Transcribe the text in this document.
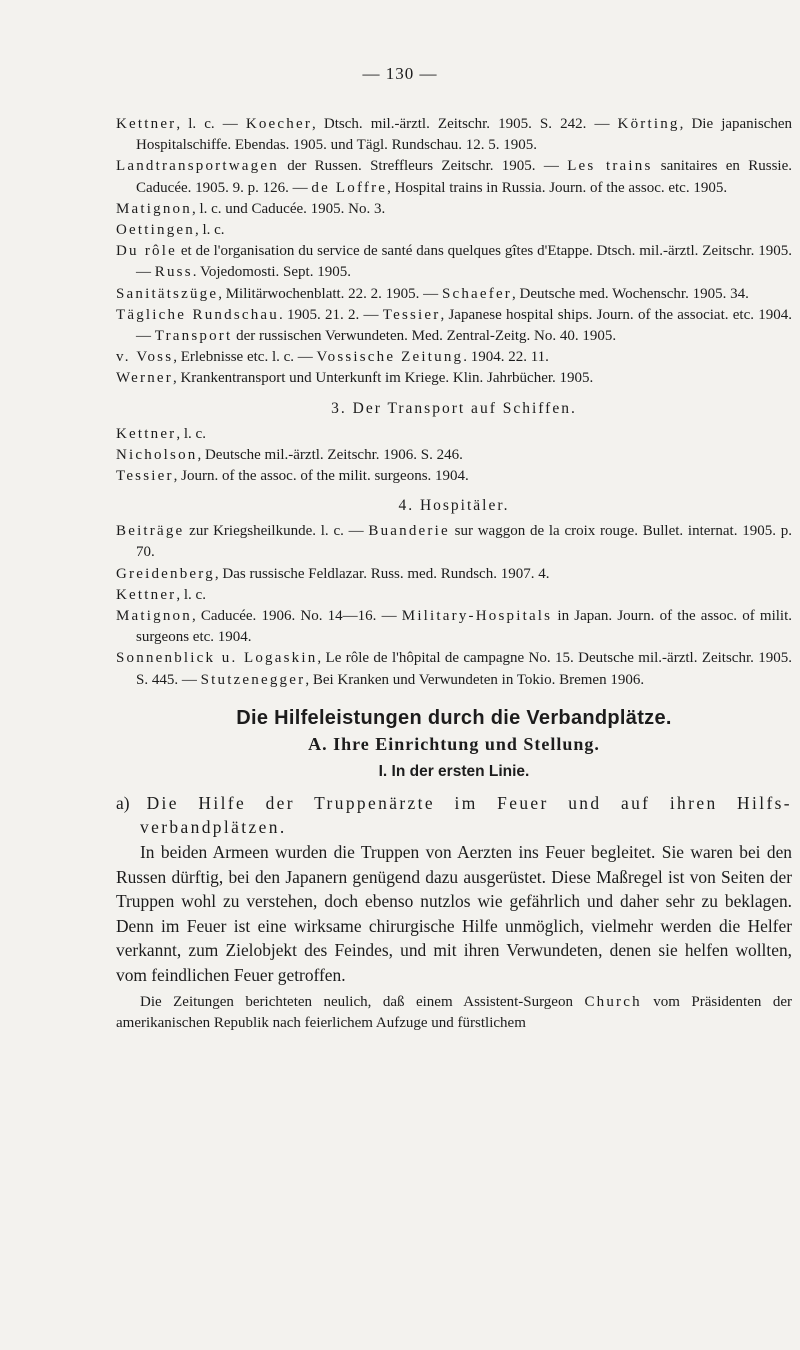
— 130 —

Kettner, l. c. — Koecher, Dtsch. mil.-ärztl. Zeitschr. 1905. S. 242. — Körting, Die japanischen Hospitalschiffe. Ebendas. 1905. und Tägl. Rundschau. 12. 5. 1905.

Landtransportwagen der Russen. Streffleurs Zeitschr. 1905. — Les trains sanitaires en Russie. Caducée. 1905. 9. p. 126. — de Loffre, Hospital trains in Russia. Journ. of the assoc. etc. 1905.

Matignon, l. c. und Caducée. 1905. No. 3.

Oettingen, l. c.

Du rôle et de l'organisation du service de santé dans quelques gîtes d'Etappe. Dtsch. mil.-ärztl. Zeitschr. 1905. — Russ. Vojedomosti. Sept. 1905.

Sanitätszüge, Militärwochenblatt. 22. 2. 1905. — Schaefer, Deutsche med. Wochenschr. 1905. 34.

Tägliche Rundschau. 1905. 21. 2. — Tessier, Japanese hospital ships. Journ. of the associat. etc. 1904. — Transport der russischen Verwundeten. Med. Zentral-Zeitg. No. 40. 1905.

v. Voss, Erlebnisse etc. l. c. — Vossische Zeitung. 1904. 22. 11.

Werner, Krankentransport und Unterkunft im Kriege. Klin. Jahrbücher. 1905.

3. Der Transport auf Schiffen.

Kettner, l. c.

Nicholson, Deutsche mil.-ärztl. Zeitschr. 1906. S. 246.

Tessier, Journ. of the assoc. of the milit. surgeons. 1904.

4. Hospitäler.

Beiträge zur Kriegsheilkunde. l. c. — Buanderie sur waggon de la croix rouge. Bullet. internat. 1905. p. 70.

Greidenberg, Das russische Feldlazar. Russ. med. Rundsch. 1907. 4.

Kettner, l. c.

Matignon, Caducée. 1906. No. 14—16. — Military-Hospitals in Japan. Journ. of the assoc. of milit. surgeons etc. 1904.

Sonnenblick u. Logaskin, Le rôle de l'hôpital de campagne No. 15. Deutsche mil.-ärztl. Zeitschr. 1905. S. 445. — Stutzenegger, Bei Kranken und Verwundeten in Tokio. Bremen 1906.

Die Hilfeleistungen durch die Verbandplätze.
A. Ihre Einrichtung und Stellung.
I. In der ersten Linie.

a) Die Hilfe der Truppenärzte im Feuer und auf ihren Hilfs-verbandplätzen.

In beiden Armeen wurden die Truppen von Aerzten ins Feuer begleitet. Sie waren bei den Russen dürftig, bei den Japanern genügend dazu ausgerüstet. Diese Maßregel ist von Seiten der Truppen wohl zu verstehen, doch ebenso nutzlos wie gefährlich und daher sehr zu beklagen. Denn im Feuer ist eine wirksame chirurgische Hilfe unmöglich, vielmehr werden die Helfer verkannt, zum Zielobjekt des Feindes, und mit ihren Verwundeten, denen sie helfen wollten, vom feindlichen Feuer getroffen.

Die Zeitungen berichteten neulich, daß einem Assistent-Surgeon Church vom Präsidenten der amerikanischen Republik nach feierlichem Aufzuge und fürstlichem
